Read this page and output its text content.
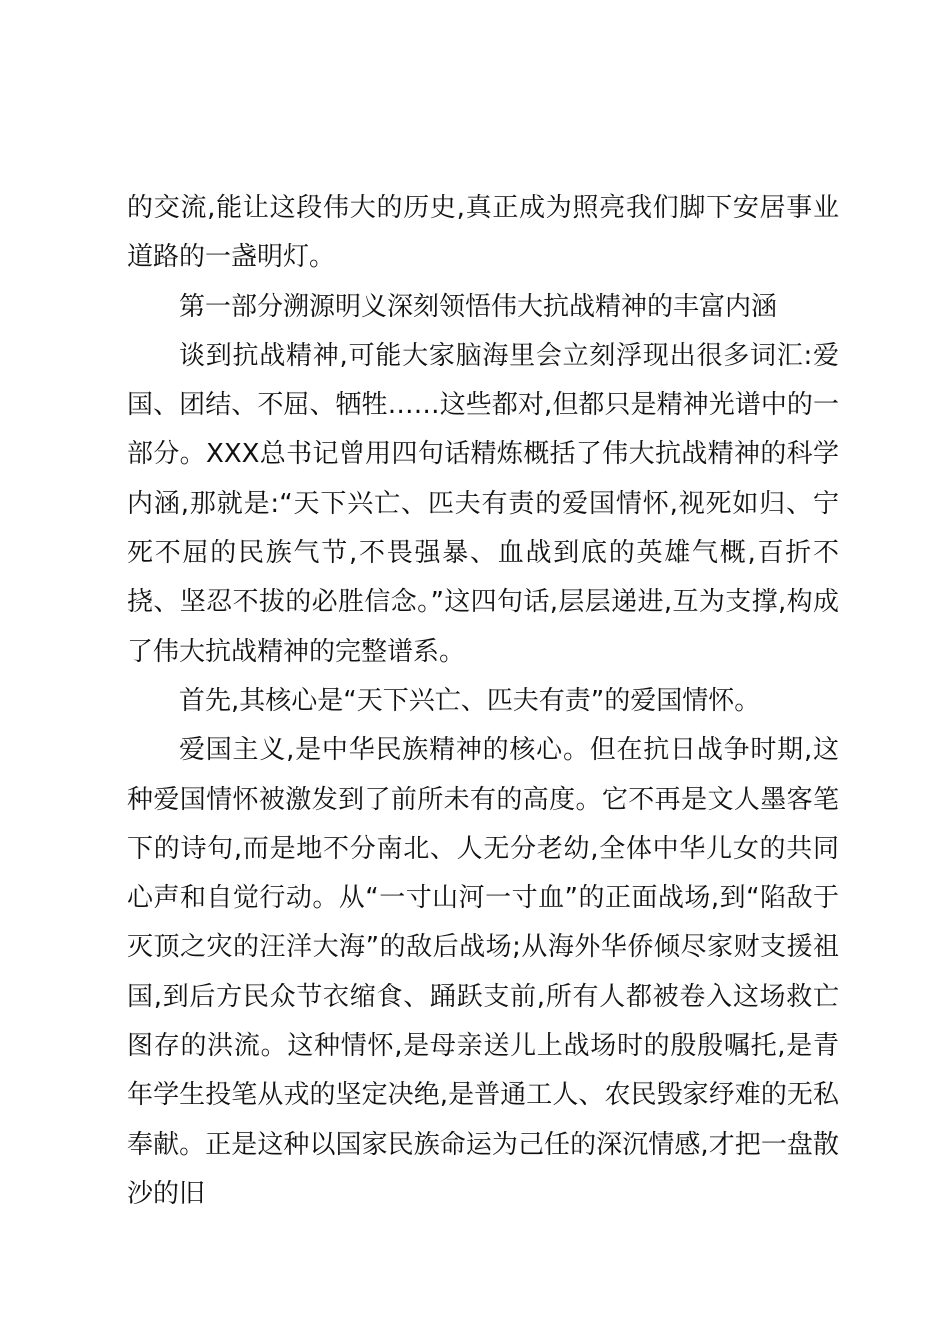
的交流,能让这段伟大的历史,真正成为照亮我们脚下安居事业道路的一盏明灯。

第一部分溯源明义深刻领悟伟大抗战精神的丰富内涵

谈到抗战精神,可能大家脑海里会立刻浮现出很多词汇:爱国、团结、不屈、牺牲……这些都对,但都只是精神光谱中的一部分。XXX总书记曾用四句话精炼概括了伟大抗战精神的科学内涵,那就是:“天下兴亡、匹夫有责的爱国情怀,视死如归、宁死不屈的民族气节,不畏强暴、血战到底的英雄气概,百折不挠、坚忍不拔的必胜信念。”这四句话,层层递进,互为支撑,构成了伟大抗战精神的完整谱系。

首先,其核心是“天下兴亡、匹夫有责”的爱国情怀。

爱国主义,是中华民族精神的核心。但在抗日战争时期,这种爱国情怀被激发到了前所未有的高度。它不再是文人墨客笔下的诗句,而是地不分南北、人无分老幼,全体中华儿女的共同心声和自觉行动。从“一寸山河一寸血”的正面战场,到“陷敌于灭顶之灾的汪洋大海”的敌后战场;从海外华侨倾尽家财支援祖国,到后方民众节衣缩食、踊跃支前,所有人都被卷入这场救亡图存的洪流。这种情怀,是母亲送儿上战场时的殷殷嘱托,是青年学生投笔从戎的坚定决绝,是普通工人、农民毁家纾难的无私奉献。正是这种以国家民族命运为己任的深沉情感,才把一盘散沙的旧
